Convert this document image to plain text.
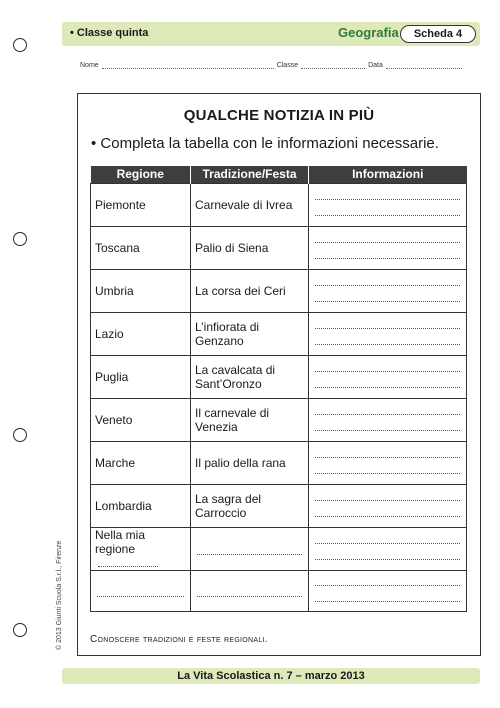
• Classe quinta	Geografia	Scheda 4
Nome	Classe	Data
QUALCHE NOTIZIA IN PIÙ
• Completa la tabella con le informazioni necessarie.
Regione	Tradizione/Festa	Informazioni
Piemonte	Carnevale di Ivrea	

Toscana	Palio di Siena	

Umbria	La corsa dei Ceri	

Lazio	L’infiorata di Genzano	

Puglia	La cavalcata di Sant’Oronzo	

Veneto	Il carnevale di Venezia	

Marche	Il palio della rana	

Lombardia	La sagra del Carroccio	

Nella mia regione	

Conoscere tradizioni e feste regionali.
© 2013 Giunti Scuola S.r.l., Firenze
La Vita Scolastica n. 7 – marzo 2013
